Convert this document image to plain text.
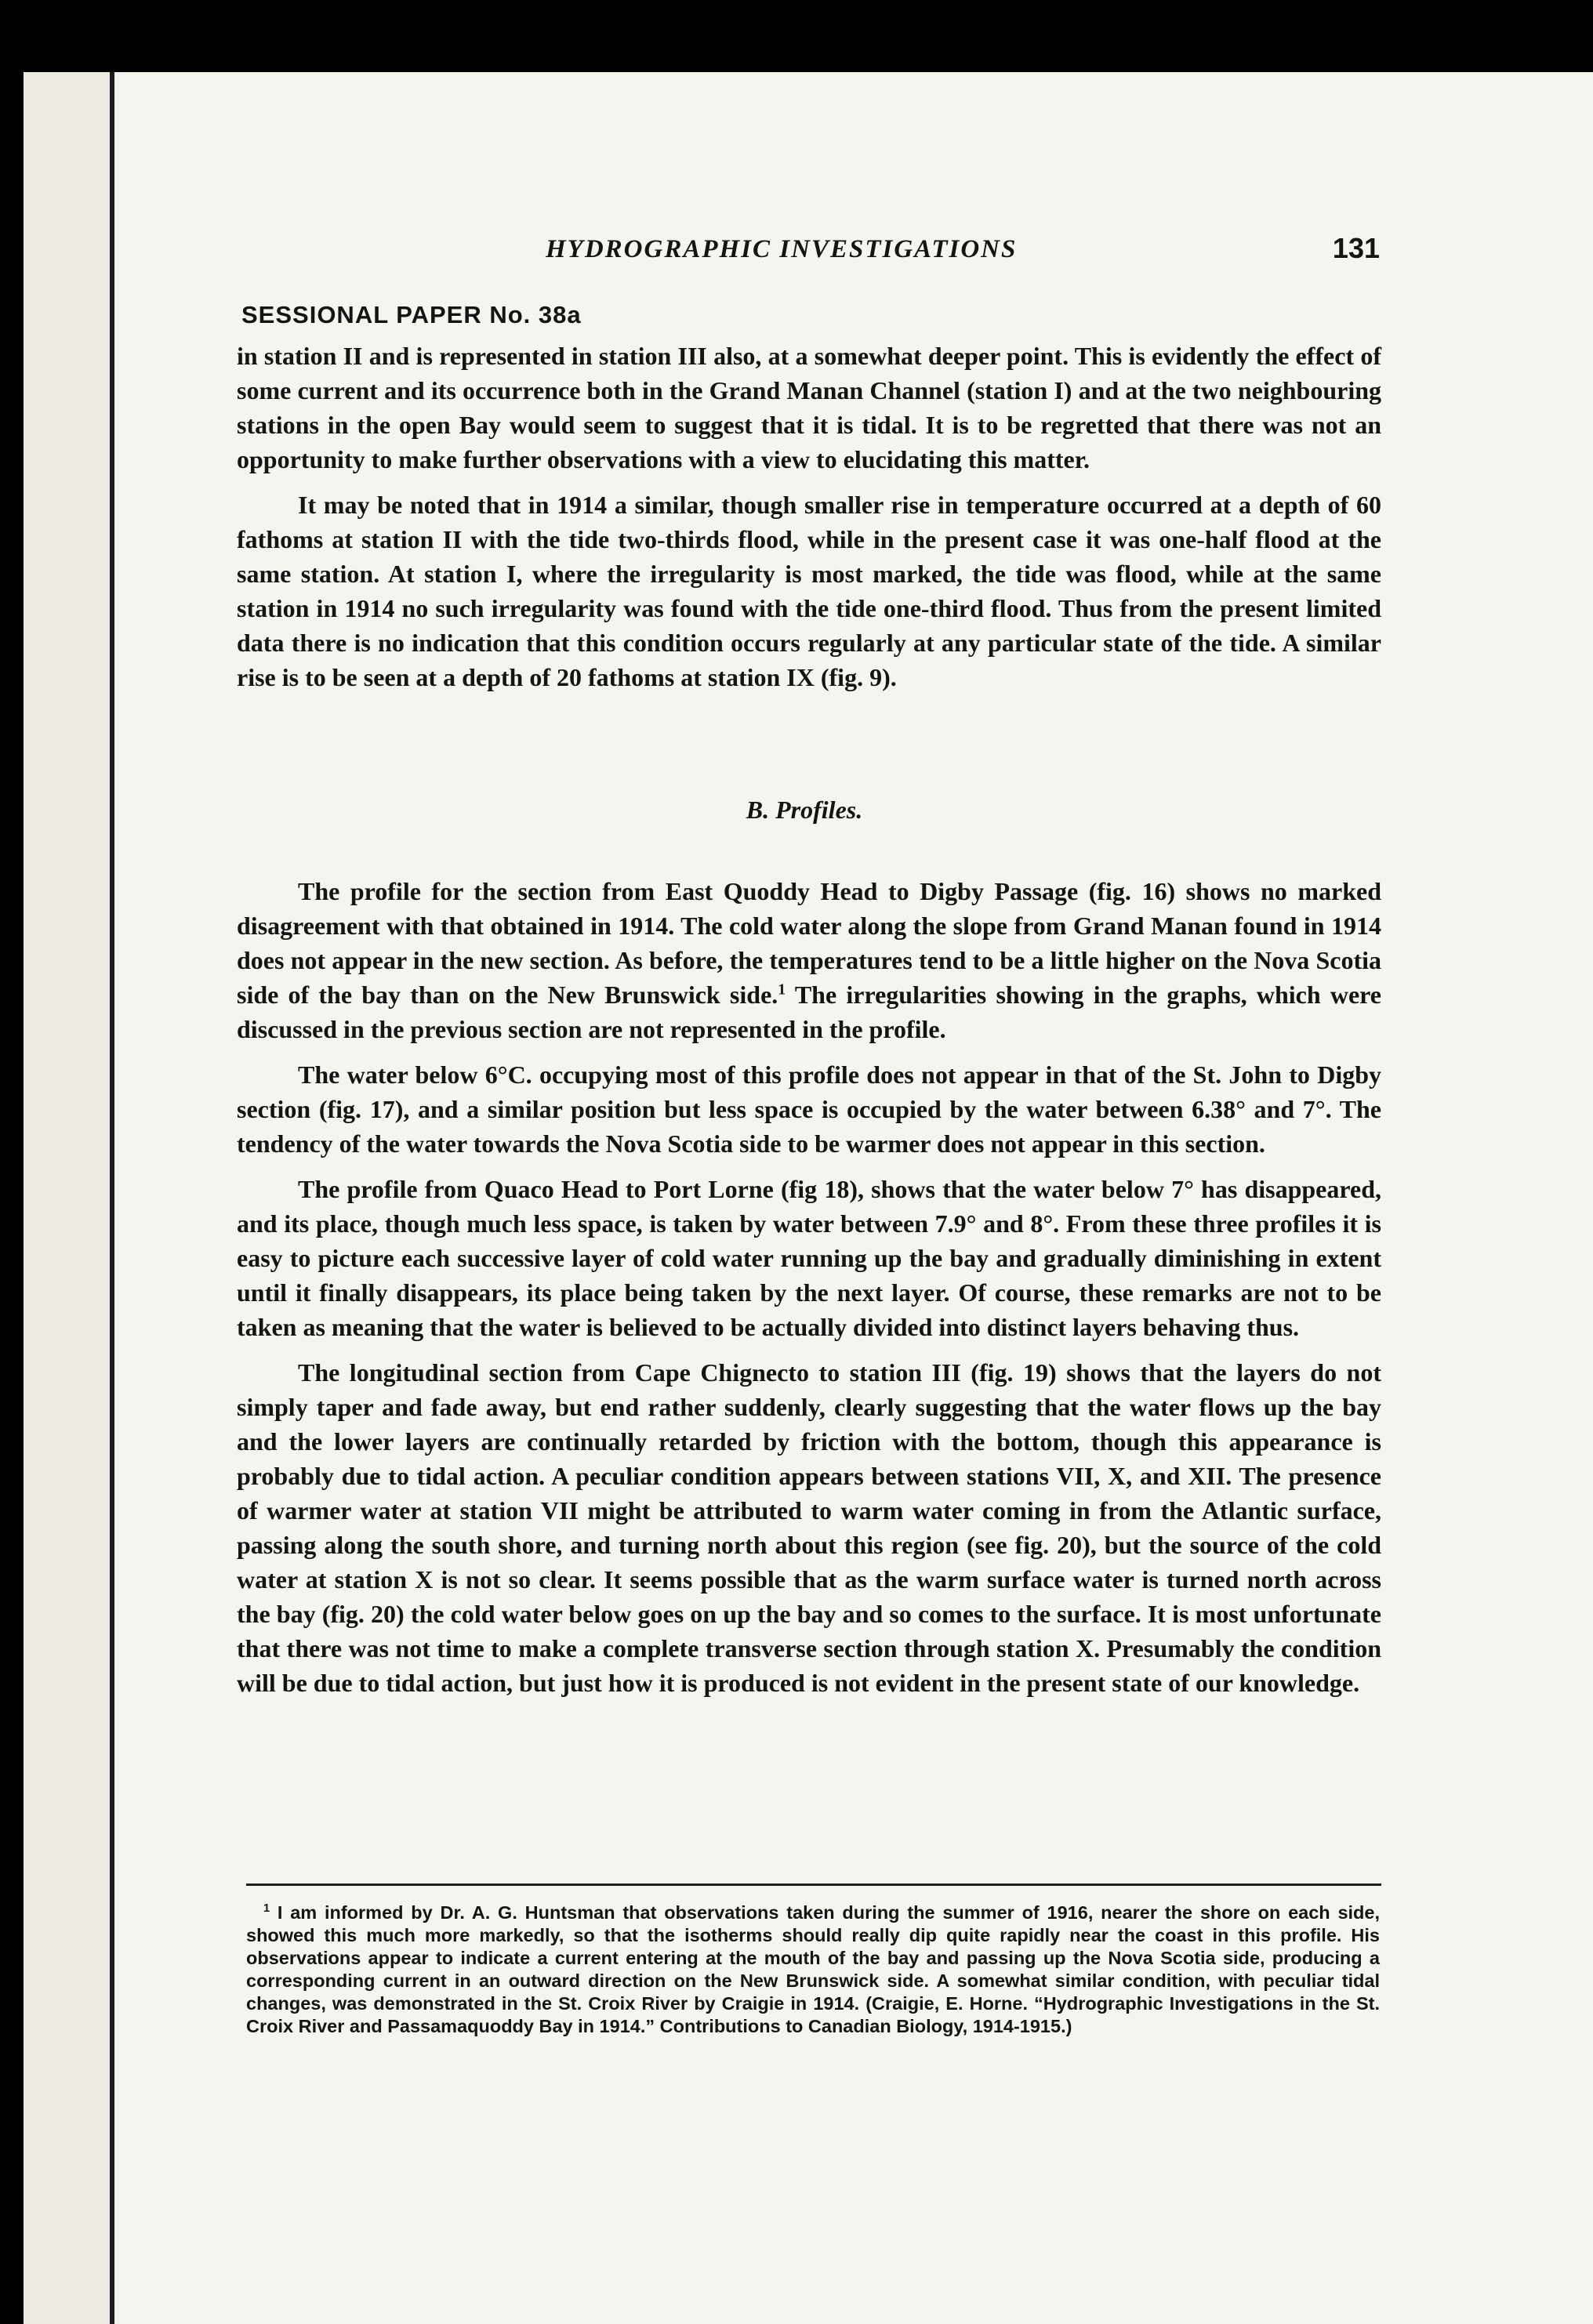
HYDROGRAPHIC INVESTIGATIONS	131
SESSIONAL PAPER No. 38a

in station II and is represented in station III also, at a somewhat deeper point. This is evidently the effect of some current and its occurrence both in the Grand Manan Channel (station I) and at the two neighbouring stations in the open Bay would seem to suggest that it is tidal. It is to be regretted that there was not an opportunity to make further observations with a view to elucidating this matter.

It may be noted that in 1914 a similar, though smaller rise in temperature occurred at a depth of 60 fathoms at station II with the tide two-thirds flood, while in the present case it was one-half flood at the same station. At station I, where the irregularity is most marked, the tide was flood, while at the same station in 1914 no such irregularity was found with the tide one-third flood. Thus from the present limited data there is no indication that this condition occurs regularly at any particular state of the tide. A similar rise is to be seen at a depth of 20 fathoms at station IX (fig. 9).

B. Profiles.

The profile for the section from East Quoddy Head to Digby Passage (fig. 16) shows no marked disagreement with that obtained in 1914. The cold water along the slope from Grand Manan found in 1914 does not appear in the new section. As before, the temperatures tend to be a little higher on the Nova Scotia side of the bay than on the New Brunswick side.$^1$ The irregularities showing in the graphs, which were discussed in the previous section are not represented in the profile.

The water below 6°C. occupying most of this profile does not appear in that of the St. John to Digby section (fig. 17), and a similar position but less space is occupied by the water between 6.38° and 7°. The tendency of the water towards the Nova Scotia side to be warmer does not appear in this section.

The profile from Quaco Head to Port Lorne (fig 18), shows that the water below 7° has disappeared, and its place, though much less space, is taken by water between 7.9° and 8°. From these three profiles it is easy to picture each successive layer of cold water running up the bay and gradually diminishing in extent until it finally disappears, its place being taken by the next layer. Of course, these remarks are not to be taken as meaning that the water is believed to be actually divided into distinct layers behaving thus.

The longitudinal section from Cape Chignecto to station III (fig. 19) shows that the layers do not simply taper and fade away, but end rather suddenly, clearly suggesting that the water flows up the bay and the lower layers are continually retarded by friction with the bottom, though this appearance is probably due to tidal action. A peculiar condition appears between stations VII, X, and XII. The presence of warmer water at station VII might be attributed to warm water coming in from the Atlantic surface, passing along the south shore, and turning north about this region (see fig. 20), but the source of the cold water at station X is not so clear. It seems possible that as the warm surface water is turned north across the bay (fig. 20) the cold water below goes on up the bay and so comes to the surface. It is most unfortunate that there was not time to make a complete transverse section through station X. Presumably the condition will be due to tidal action, but just how it is produced is not evident in the present state of our knowledge.

$^1$ I am informed by Dr. A. G. Huntsman that observations taken during the summer of 1916, nearer the shore on each side, showed this much more markedly, so that the isotherms should really dip quite rapidly near the coast in this profile. His observations appear to indicate a current entering at the mouth of the bay and passing up the Nova Scotia side, producing a corresponding current in an outward direction on the New Brunswick side. A somewhat similar condition, with peculiar tidal changes, was demonstrated in the St. Croix River by Craigie in 1914. (Craigie, E. Horne. “Hydrographic Investigations in the St. Croix River and Passamaquoddy Bay in 1914.” Contributions to Canadian Biology, 1914-1915.)
